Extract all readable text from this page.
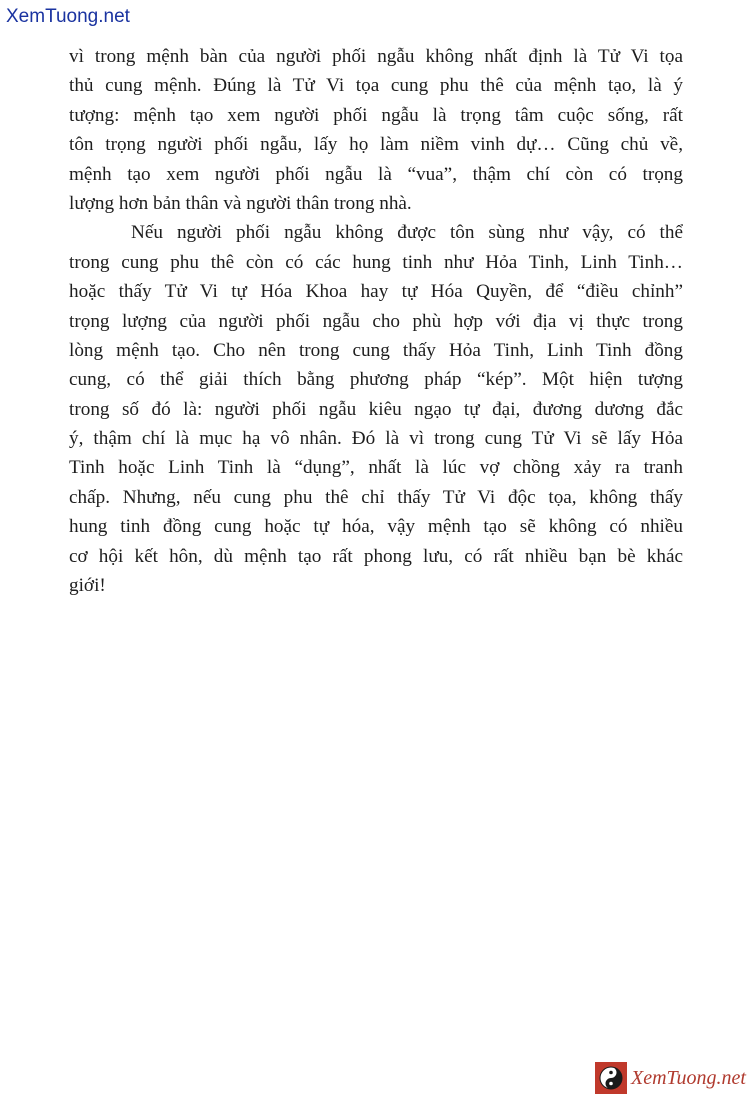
XemTuong.net
vì trong mệnh bàn của người phối ngẫu không nhất định là Tử Vi tọa
thủ cung mệnh. Đúng là Tử Vi tọa cung phu thê của mệnh tạo, là ý
tượng: mệnh tạo xem người phối ngẫu là trọng tâm cuộc sống, rất
tôn trọng người phối ngẫu, lấy họ làm niềm vinh dự… Cũng chủ về,
mệnh tạo xem người phối ngẫu là “vua”, thậm chí còn có trọng
lượng hơn bản thân và người thân trong nhà.
Nếu người phối ngẫu không được tôn sùng như vậy, có thể
trong cung phu thê còn có các hung tinh như Hỏa Tinh, Linh Tinh…
hoặc thấy Tử Vi tự Hóa Khoa hay tự Hóa Quyền, để “điều chỉnh”
trọng lượng của người phối ngẫu cho phù hợp với địa vị thực trong
lòng mệnh tạo. Cho nên trong cung thấy Hỏa Tinh, Linh Tinh đồng
cung, có thể giải thích bằng phương pháp “kép”. Một hiện tượng
trong số đó là: người phối ngẫu kiêu ngạo tự đại, đương dương đắc
ý, thậm chí là mục hạ vô nhân. Đó là vì trong cung Tử Vi sẽ lấy Hỏa
Tinh hoặc Linh Tinh là “dụng”, nhất là lúc vợ chồng xảy ra tranh
chấp. Nhưng, nếu cung phu thê chỉ thấy Tử Vi độc tọa, không thấy
hung tinh đồng cung hoặc tự hóa, vậy mệnh tạo sẽ không có nhiều
cơ hội kết hôn, dù mệnh tạo rất phong lưu, có rất nhiều bạn bè khác
giới!
XemTuong.net
